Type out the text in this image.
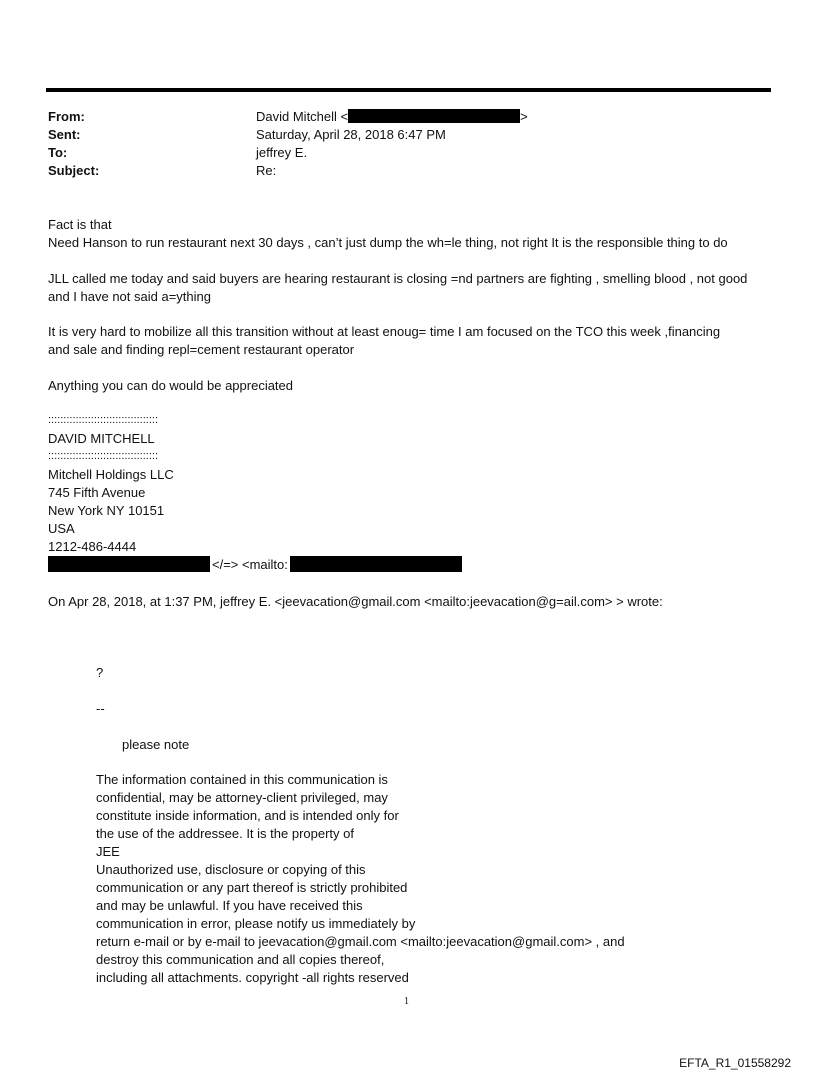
From:	David Mitchell <	>
Sent:	Saturday, April 28, 2018 6:47 PM
To:	jeffrey E.
Subject:	Re:
Fact is that
Need Hanson to run restaurant next 30 days , can’t just dump the wh=le thing, not right It is the responsible thing to do
JLL called me today and said buyers are hearing restaurant is closing =nd partners are fighting , smelling blood , not good
and I have not said a=ything
It is very hard to mobilize all this transition without at least enoug= time I am focused on the TCO this week ,financing
and sale and finding repl=cement restaurant operator
Anything you can do would be appreciated
::::::::::::::::::::::::::::::::::::
DAVID MITCHELL
::::::::::::::::::::::::::::::::::::
Mitchell Holdings LLC
745 Fifth Avenue
New York NY 10151
USA
1212-486-4444
</=> <mailto:
On Apr 28, 2018, at 1:37 PM, jeffrey E. <jeevacation@gmail.com <mailto:jeevacation@g=ail.com> > wrote:
?
--
please note
The information contained in this communication is
confidential, may be attorney-client privileged, may
constitute inside information, and is intended only for
the use of the addressee. It is the property of
JEE
Unauthorized use, disclosure or copying of this
communication or any part thereof is strictly prohibited
and may be unlawful. If you have received this
communication in error, please notify us immediately by
return e-mail or by e-mail to jeevacation@gmail.com <mailto:jeevacation@gmail.com> , and
destroy this communication and all copies thereof,
including all attachments. copyright -all rights reserved
1
EFTA_R1_01558292
